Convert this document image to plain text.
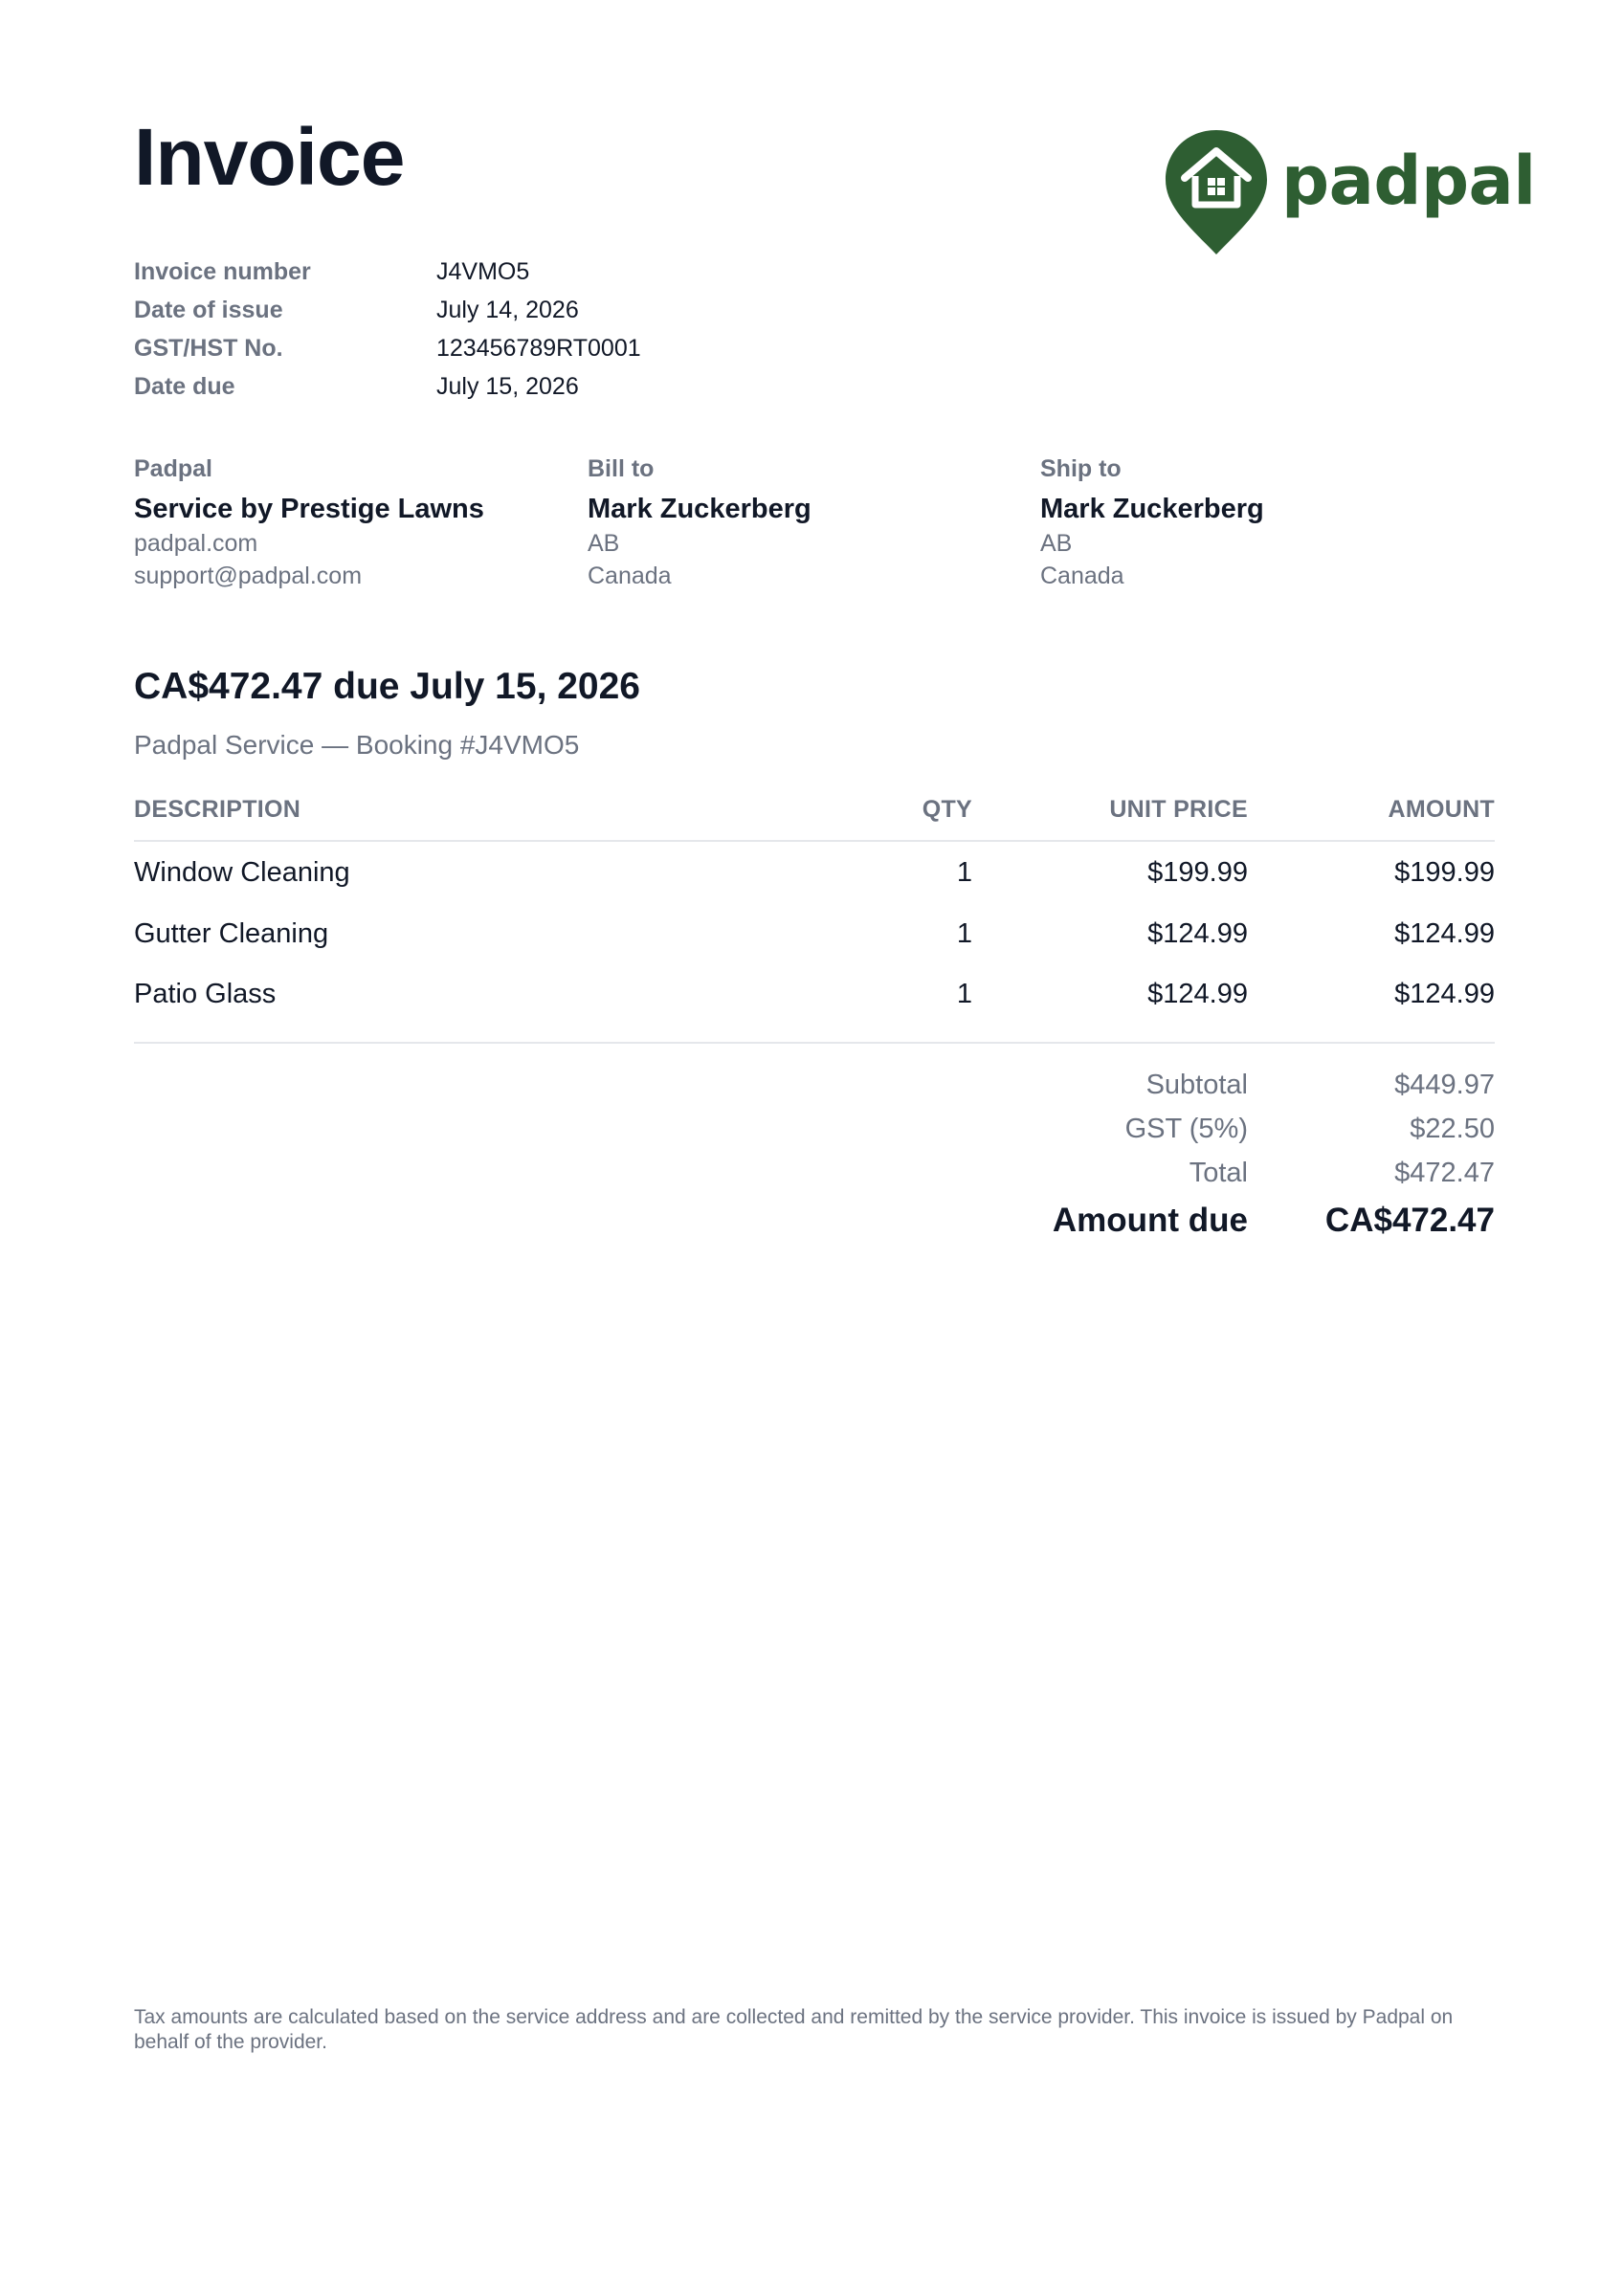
Invoice	padpal
Invoice number	J4VMO5
Date of issue	July 14, 2026
GST/HST No.	123456789RT0001
Date due	July 15, 2026
Padpal
Service by Prestige Lawns
padpal.com
support@padpal.com
Bill to
Mark Zuckerberg
AB
Canada
Ship to
Mark Zuckerberg
AB
Canada
CA$472.47 due July 15, 2026
Padpal Service — Booking #J4VMO5
DESCRIPTION	QTY	UNIT PRICE	AMOUNT
Window Cleaning	1	$199.99	$199.99
Gutter Cleaning	1	$124.99	$124.99
Patio Glass	1	$124.99	$124.99
Subtotal	$449.97
GST (5%)	$22.50
Total	$472.47
Amount due CA$472.47
Tax amounts are calculated based on the service address and are collected and remitted by the service provider. This invoice is issued by Padpal on behalf of the provider.
